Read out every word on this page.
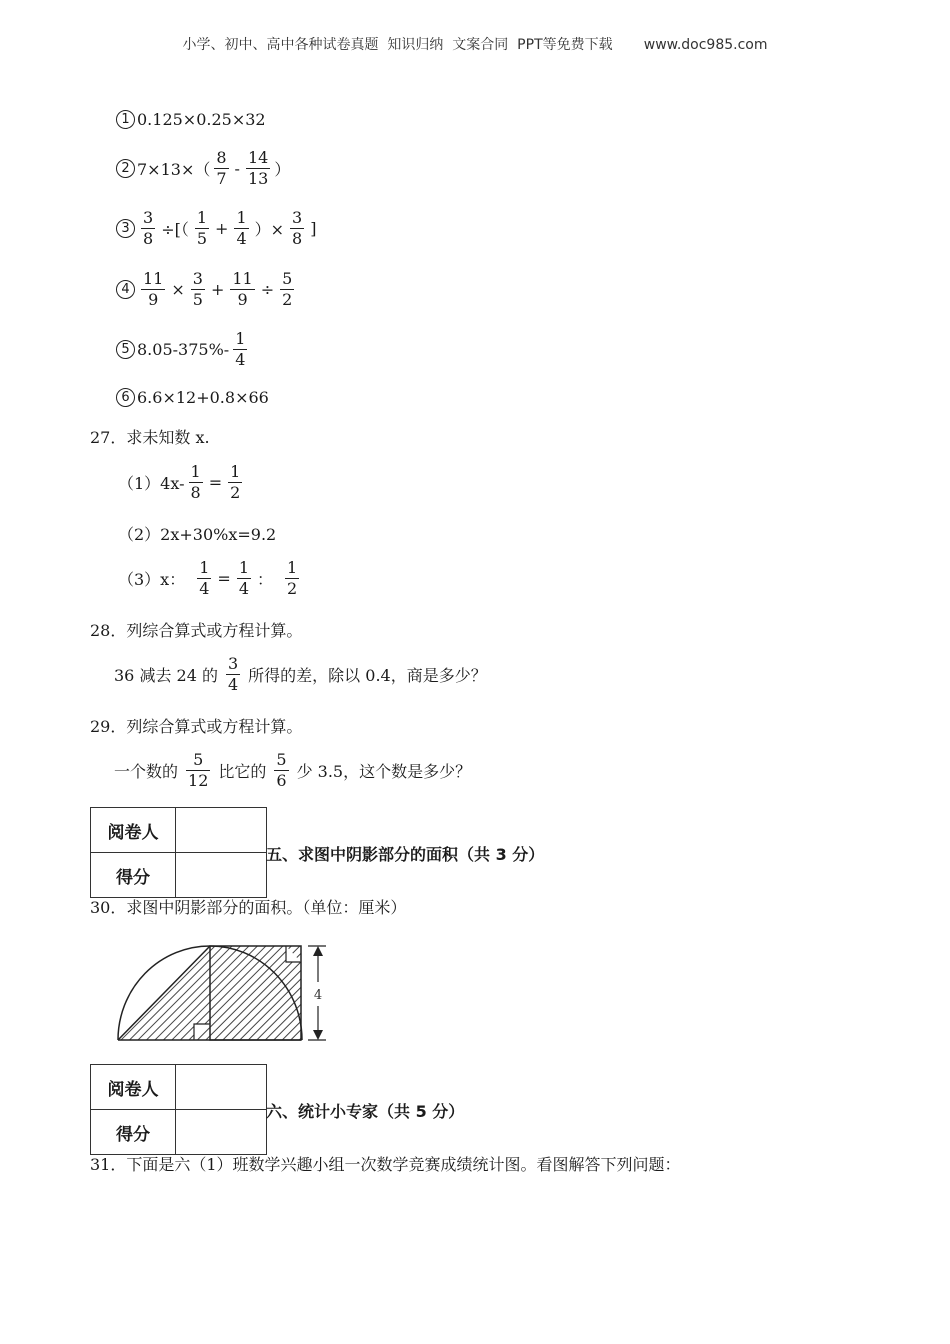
小学、初中、高中各种试卷真题  知识归纳  文案合同  PPT等免费下载       www.doc985.com
1 0.125×0.25×32
2 $7\times 13\times( \frac{8}{7} - \frac{14}{13}$ ）
$3 \frac{3}{8}$ ÷[（ $\frac{1}{5} + \frac{1}{4}$ ）× $\frac{3}{8}$ ]
$4 \frac{11}{9} \times \frac{3}{5} + \frac{11}{9} \div \frac{5}{2}$
5 $8.05-375\%- \frac{1}{4}$
6 6.6×12+0.8×66
27．求未知数 x.
$(1)4x- \frac{1}{8} = \frac{1}{2}$
（2）2x+30%x=9.2
（3）x： $\frac{1}{4} = \frac{1}{4}$ ： $\frac{1}{2}$
28．列综合算式或方程计算。
36 减去 24 的 $\frac{3}{4}$ 所得的差，除以 0.4，商是多少？
29．列综合算式或方程计算。
一个数的 $\frac{5}{12}$ 比它的 $\frac{5}{6}$ 少 3.5，这个数是多少？
阅卷人	
得分	
五、求图中阴影部分的面积（共 3 分）
30．求图中阴影部分的面积。（单位：厘米）
4
阅卷人	
得分	
六、统计小专家（共 5 分）
31．下面是六（1）班数学兴趣小组一次数学竞赛成绩统计图。看图解答下列问题：
